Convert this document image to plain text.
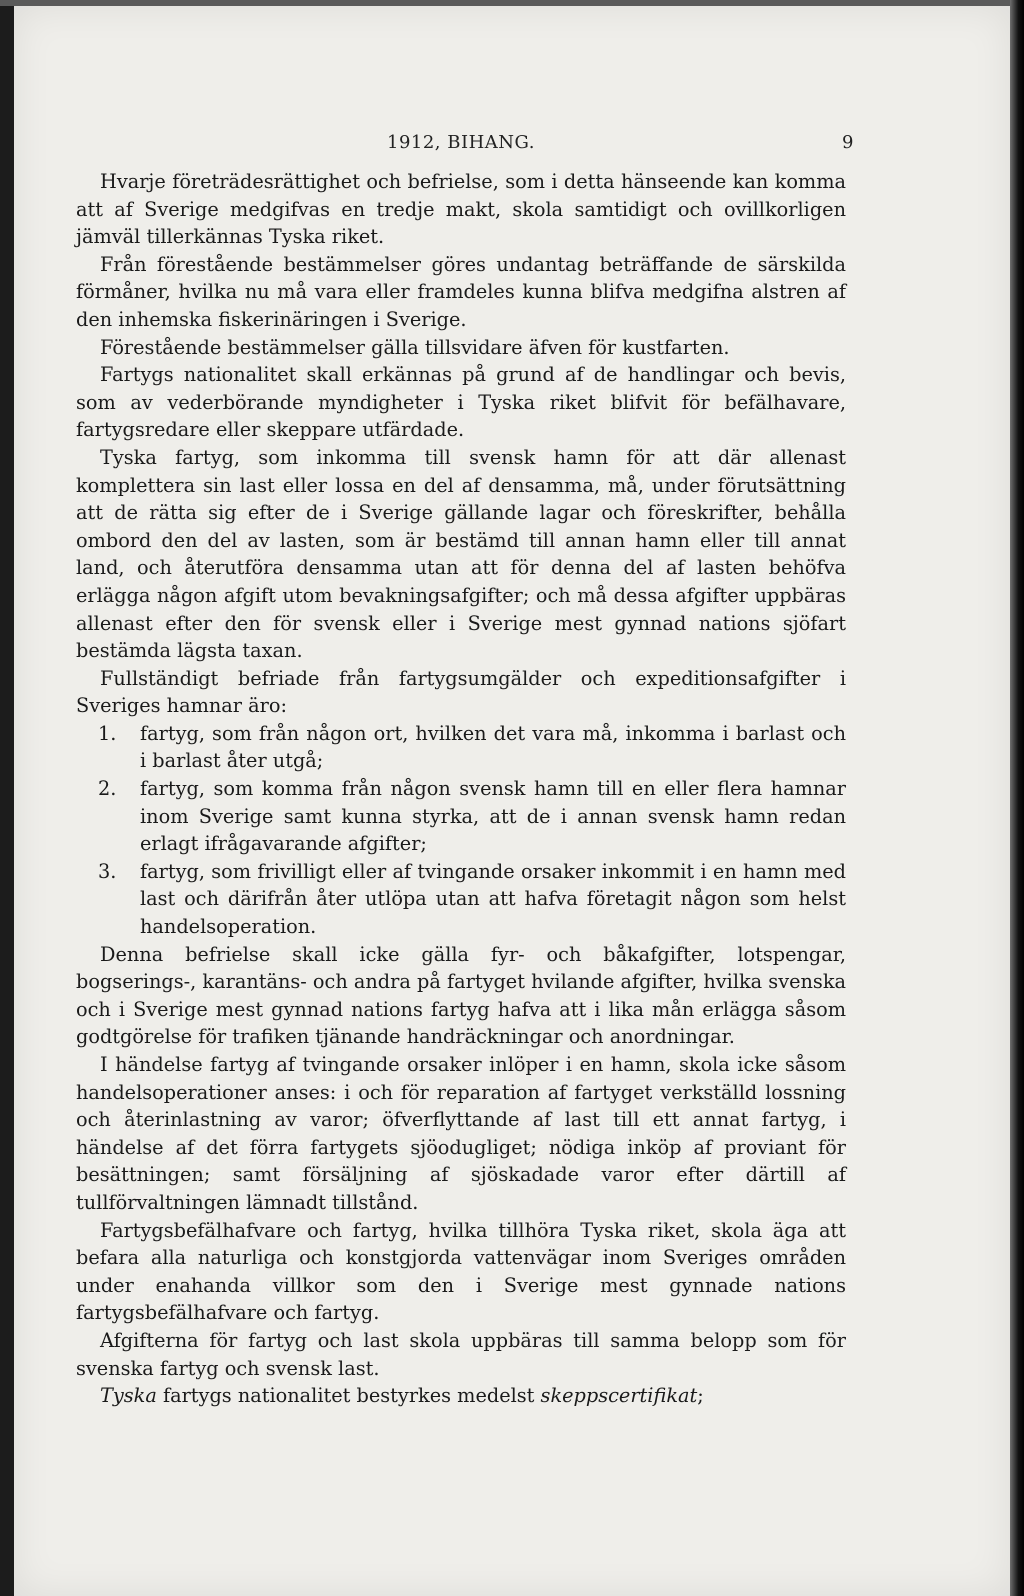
1912, BIHANG.	9

Hvarje företrädesrättighet och befrielse, som i detta hänseende kan komma att af Sverige medgifvas en tredje makt, skola samtidigt och ovillkorligen jämväl tillerkännas Tyska riket.

Från förestående bestämmelser göres undantag beträffande de särskilda förmåner, hvilka nu må vara eller framdeles kunna blifva medgifna alstren af den inhemska fiskerinäringen i Sverige.

Förestående bestämmelser gälla tillsvidare äfven för kustfarten.

Fartygs nationalitet skall erkännas på grund af de handlingar och bevis, som av vederbörande myndigheter i Tyska riket blifvit för befälhavare, fartygsredare eller skeppare utfärdade.

Tyska fartyg, som inkomma till svensk hamn för att där allenast komplettera sin last eller lossa en del af densamma, må, under förutsättning att de rätta sig efter de i Sverige gällande lagar och föreskrifter, behålla ombord den del av lasten, som är bestämd till annan hamn eller till annat land, och återutföra densamma utan att för denna del af lasten behöfva erlägga någon afgift utom bevakningsafgifter; och må dessa afgifter uppbäras allenast efter den för svensk eller i Sverige mest gynnad nations sjöfart bestämda lägsta taxan.

Fullständigt befriade från fartygsumgälder och expeditionsafgifter i Sveriges hamnar äro:

1. fartyg, som från någon ort, hvilken det vara må, inkomma i barlast och i barlast åter utgå;

2. fartyg, som komma från någon svensk hamn till en eller flera hamnar inom Sverige samt kunna styrka, att de i annan svensk hamn redan erlagt ifrågavarande afgifter;

3. fartyg, som frivilligt eller af tvingande orsaker inkommit i en hamn med last och därifrån åter utlöpa utan att hafva företagit någon som helst handelsoperation.

Denna befrielse skall icke gälla fyr- och båkafgifter, lotspengar, bogserings-, karantäns- och andra på fartyget hvilande afgifter, hvilka svenska och i Sverige mest gynnad nations fartyg hafva att i lika mån erlägga såsom godtgörelse för trafiken tjänande handräckningar och anordningar.

I händelse fartyg af tvingande orsaker inlöper i en hamn, skola icke såsom handelsoperationer anses: i och för reparation af fartyget verkställd lossning och återinlastning av varor; öfverflyttande af last till ett annat fartyg, i händelse af det förra fartygets sjöodugliget; nödiga inköp af proviant för besättningen; samt försäljning af sjöskadade varor efter därtill af tullförvaltningen lämnadt tillstånd.

Fartygsbefälhafvare och fartyg, hvilka tillhöra Tyska riket, skola äga att befara alla naturliga och konstgjorda vattenvägar inom Sveriges områden under enahanda villkor som den i Sverige mest gynnade nations fartygsbefälhafvare och fartyg.

Afgifterna för fartyg och last skola uppbäras till samma belopp som för svenska fartyg och svensk last.

Tyska fartygs nationalitet bestyrkes medelst skeppscertifikat;
